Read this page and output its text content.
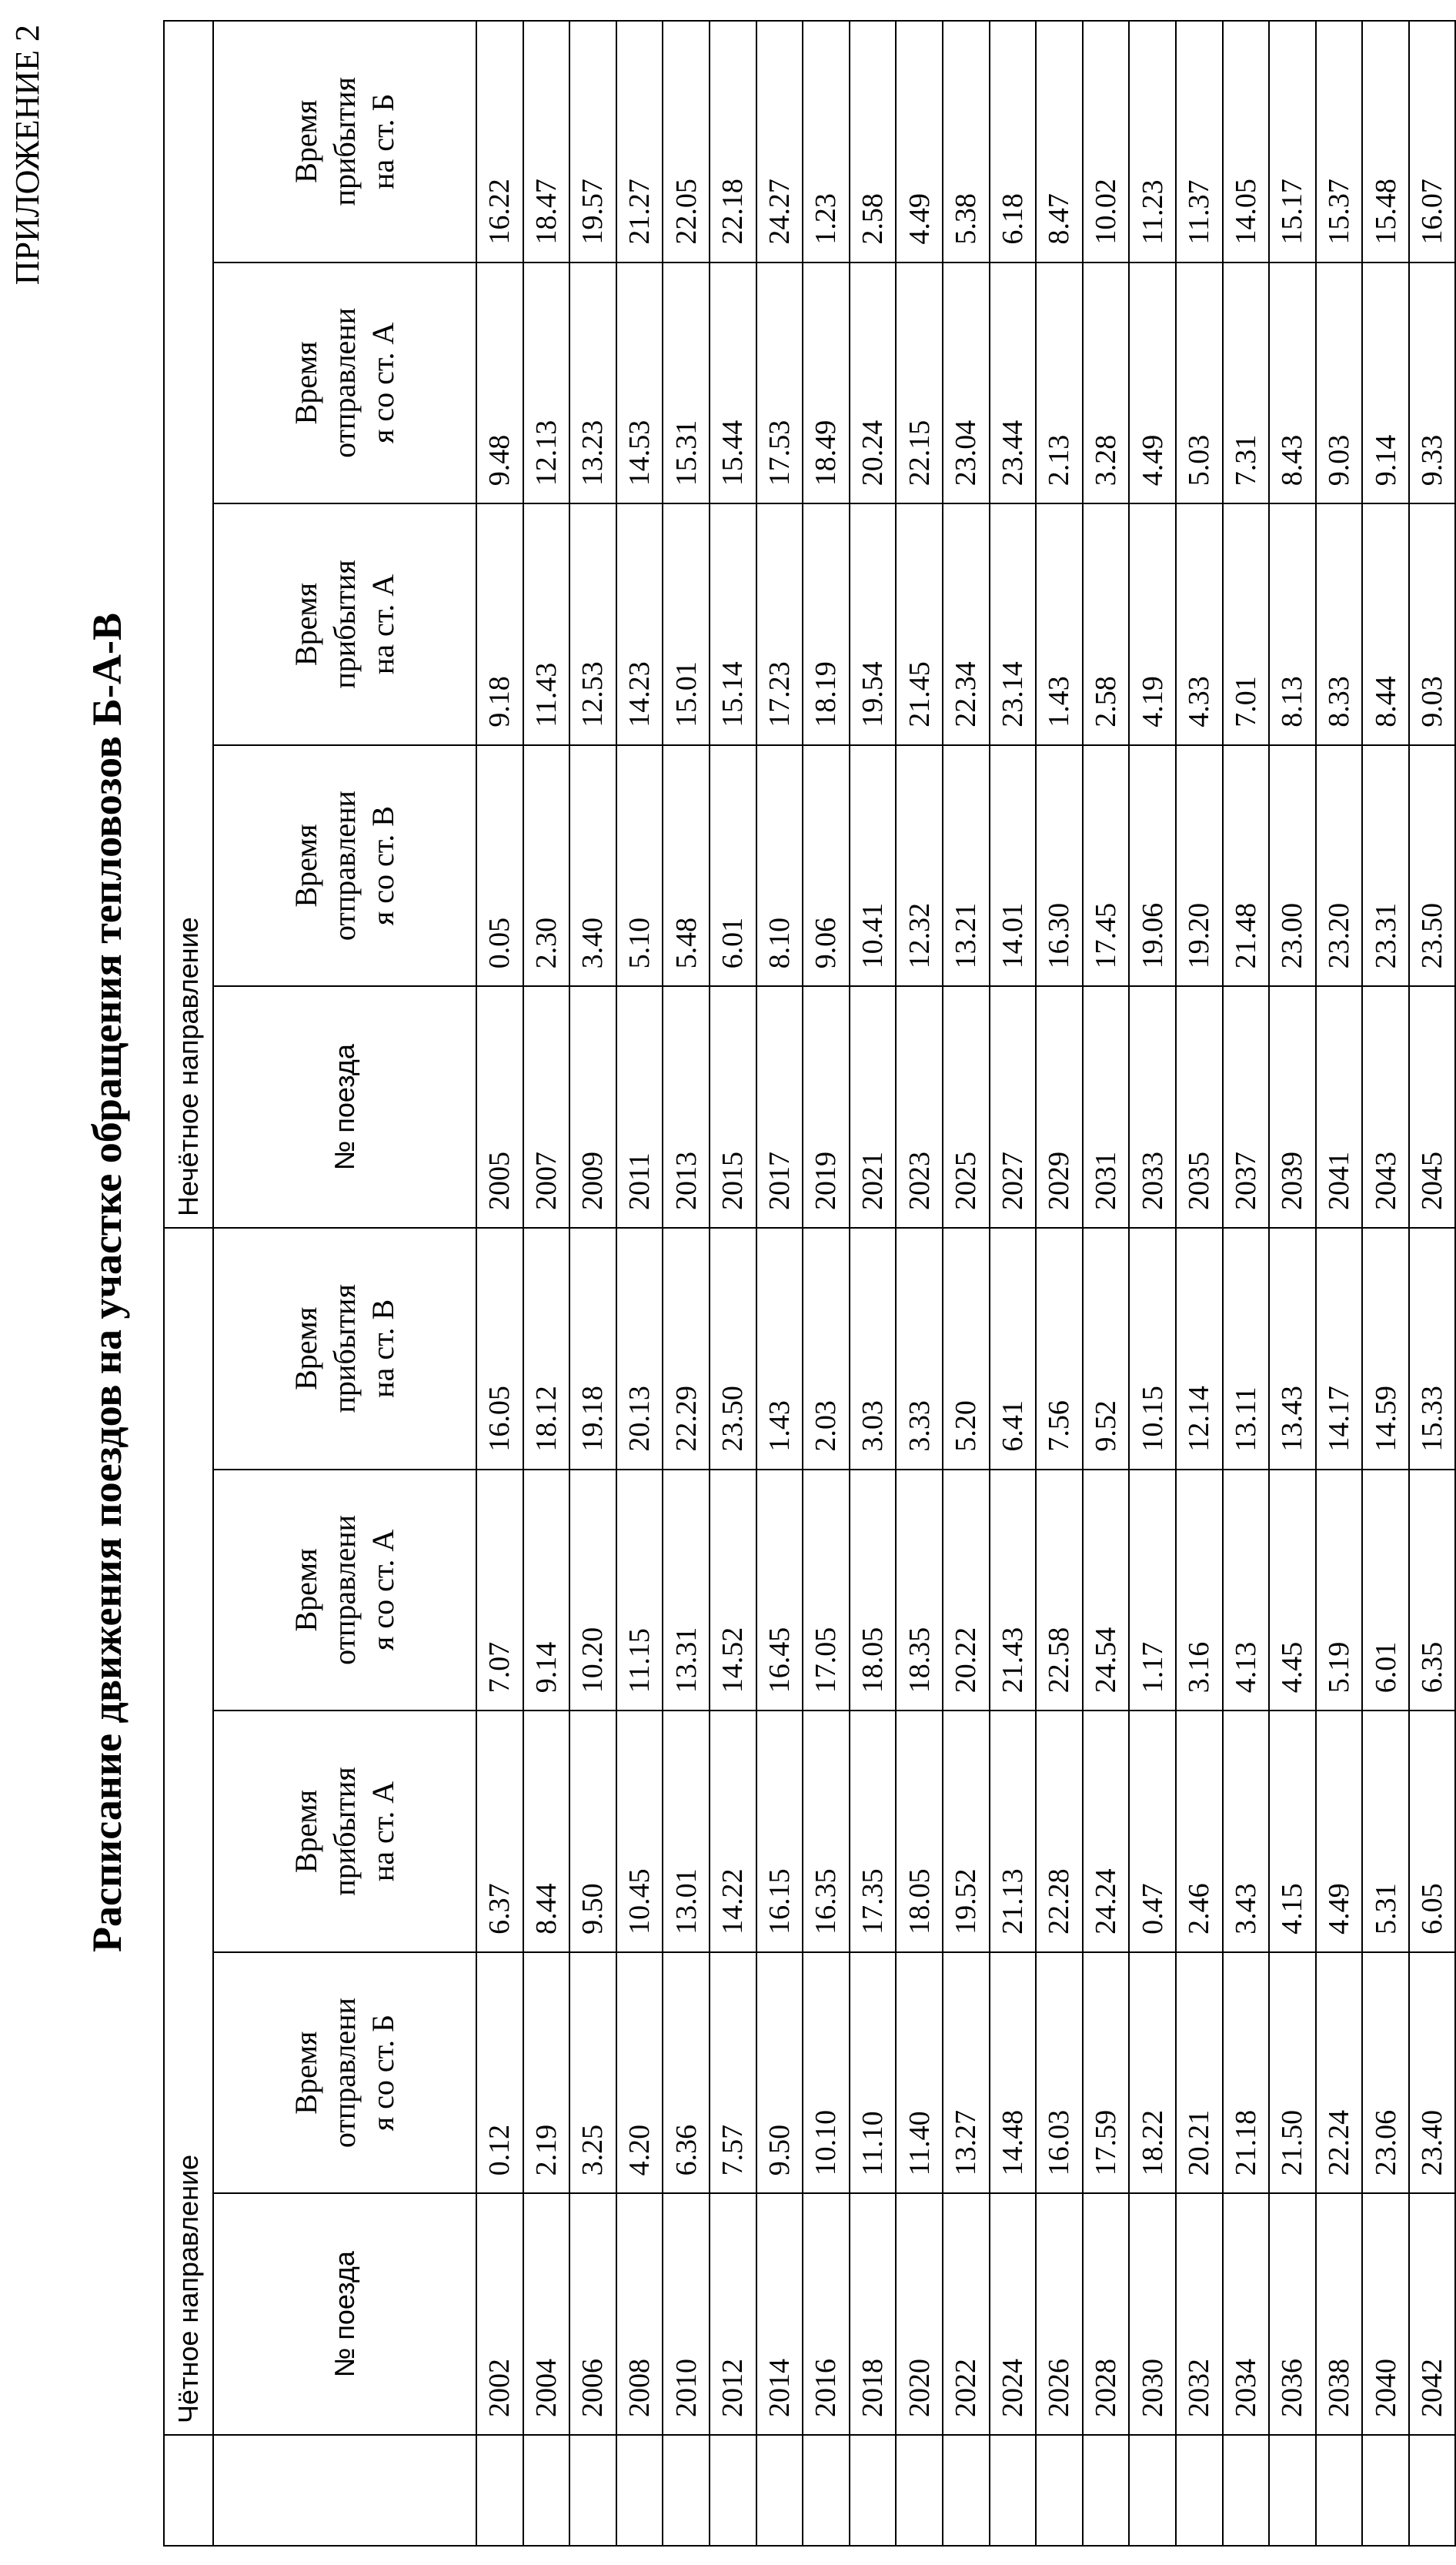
ПРИЛОЖЕНИЕ 2
Расписание движения поездов на участке обращения тепловозов Б-А-В
	Чётное направление					Нечётное направление				
	№ поезда	Время
отправлени
я со ст. Б	Время
прибытия
на ст. А	Время
отправлени
я со ст. А	Время
прибытия
на ст. В	№ поезда	Время
отправлени
я со ст. В	Время
прибытия
на ст. А	Время
отправлени
я со ст. А	Время
прибытия
на ст. Б
	2002	0.12	6.37	7.07	16.05	2005	0.05	9.18	9.48	16.22
	2004	2.19	8.44	9.14	18.12	2007	2.30	11.43	12.13	18.47
	2006	3.25	9.50	10.20	19.18	2009	3.40	12.53	13.23	19.57
	2008	4.20	10.45	11.15	20.13	2011	5.10	14.23	14.53	21.27
	2010	6.36	13.01	13.31	22.29	2013	5.48	15.01	15.31	22.05
	2012	7.57	14.22	14.52	23.50	2015	6.01	15.14	15.44	22.18
	2014	9.50	16.15	16.45	1.43	2017	8.10	17.23	17.53	24.27
	2016	10.10	16.35	17.05	2.03	2019	9.06	18.19	18.49	1.23
	2018	11.10	17.35	18.05	3.03	2021	10.41	19.54	20.24	2.58
	2020	11.40	18.05	18.35	3.33	2023	12.32	21.45	22.15	4.49
	2022	13.27	19.52	20.22	5.20	2025	13.21	22.34	23.04	5.38
	2024	14.48	21.13	21.43	6.41	2027	14.01	23.14	23.44	6.18
	2026	16.03	22.28	22.58	7.56	2029	16.30	1.43	2.13	8.47
	2028	17.59	24.24	24.54	9.52	2031	17.45	2.58	3.28	10.02
	2030	18.22	0.47	1.17	10.15	2033	19.06	4.19	4.49	11.23
	2032	20.21	2.46	3.16	12.14	2035	19.20	4.33	5.03	11.37
	2034	21.18	3.43	4.13	13.11	2037	21.48	7.01	7.31	14.05
	2036	21.50	4.15	4.45	13.43	2039	23.00	8.13	8.43	15.17
	2038	22.24	4.49	5.19	14.17	2041	23.20	8.33	9.03	15.37
	2040	23.06	5.31	6.01	14.59	2043	23.31	8.44	9.14	15.48
	2042	23.40	6.05	6.35	15.33	2045	23.50	9.03	9.33	16.07
